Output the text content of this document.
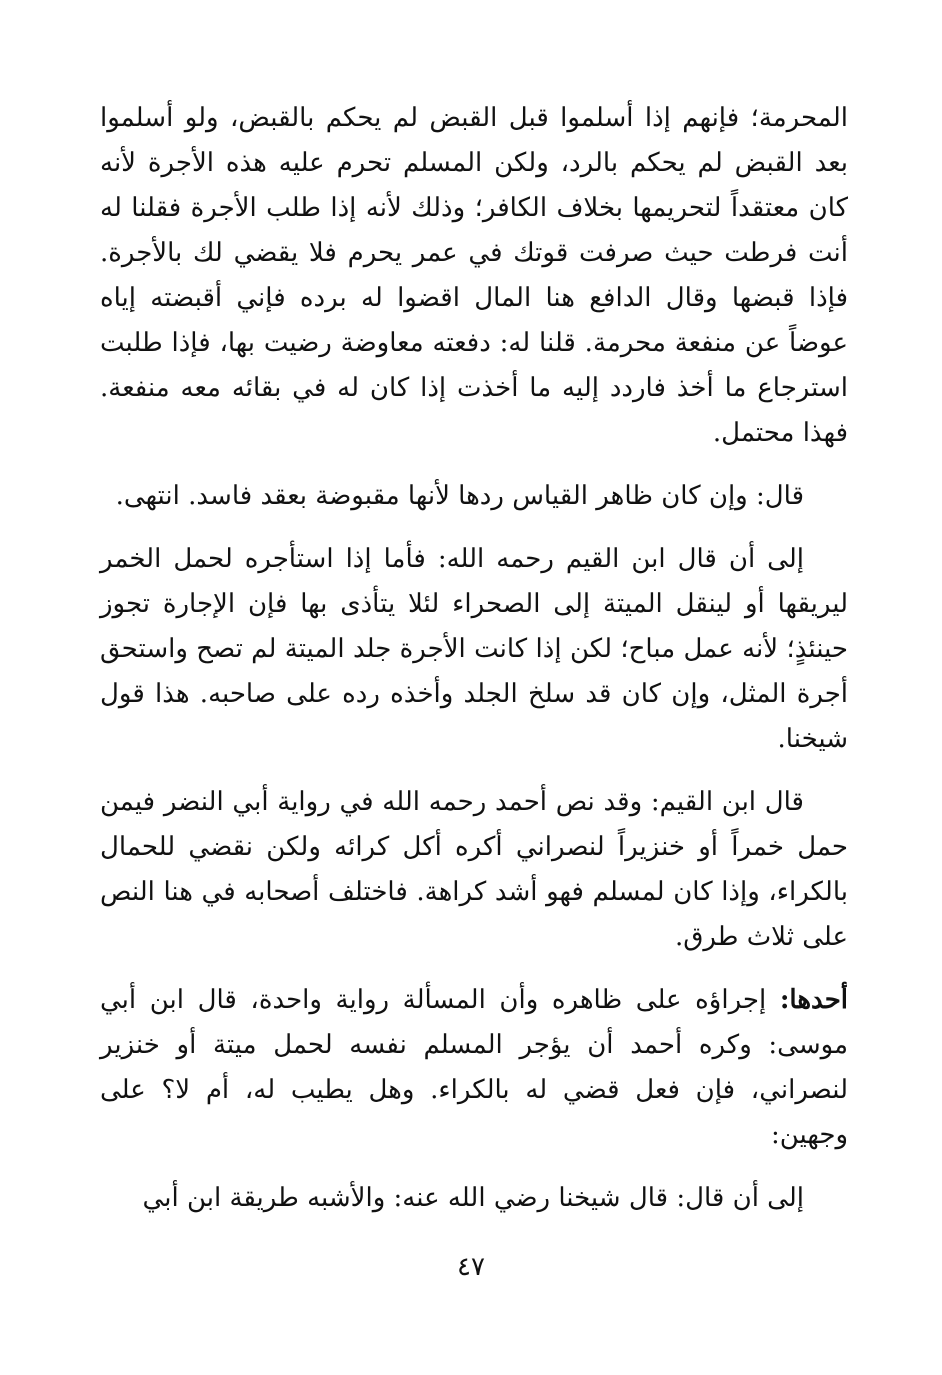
المحرمة؛ فإنهم إذا أسلموا قبل القبض لم يحكم بالقبض، ولو أسلموا بعد القبض لم يحكم بالرد، ولكن المسلم تحرم عليه هذه الأجرة لأنه كان معتقداً لتحريمها بخلاف الكافر؛ وذلك لأنه إذا طلب الأجرة فقلنا له أنت فرطت حيث صرفت قوتك في عمر يحرم فلا يقضي لك بالأجرة. فإذا قبضها وقال الدافع هنا المال اقضوا له برده فإني أقبضته إياه عوضاً عن منفعة محرمة. قلنا له: دفعته معاوضة رضيت بها، فإذا طلبت استرجاع ما أخذ فاردد إليه ما أخذت إذا كان له في بقائه معه منفعة. فهذا محتمل.

قال: وإن كان ظاهر القياس ردها لأنها مقبوضة بعقد فاسد. انتهى.

إلى أن قال ابن القيم رحمه الله: فأما إذا استأجره لحمل الخمر ليريقها أو لينقل الميتة إلى الصحراء لئلا يتأذى بها فإن الإجارة تجوز حينئذٍ؛ لأنه عمل مباح؛ لكن إذا كانت الأجرة جلد الميتة لم تصح واستحق أجرة المثل، وإن كان قد سلخ الجلد وأخذه رده على صاحبه. هذا قول شيخنا.

قال ابن القيم: وقد نص أحمد رحمه الله في رواية أبي النضر فيمن حمل خمراً أو خنزيراً لنصراني أكره أكل كرائه ولكن نقضي للحمال بالكراء، وإذا كان لمسلم فهو أشد كراهة. فاختلف أصحابه في هنا النص على ثلاث طرق.

أحدها: إجراؤه على ظاهره وأن المسألة رواية واحدة، قال ابن أبي موسى: وكره أحمد أن يؤجر المسلم نفسه لحمل ميتة أو خنزير لنصراني، فإن فعل قضي له بالكراء. وهل يطيب له، أم لا؟ على وجهين:

إلى أن قال: قال شيخنا رضي الله عنه: والأشبه طريقة ابن أبي

٤٧
